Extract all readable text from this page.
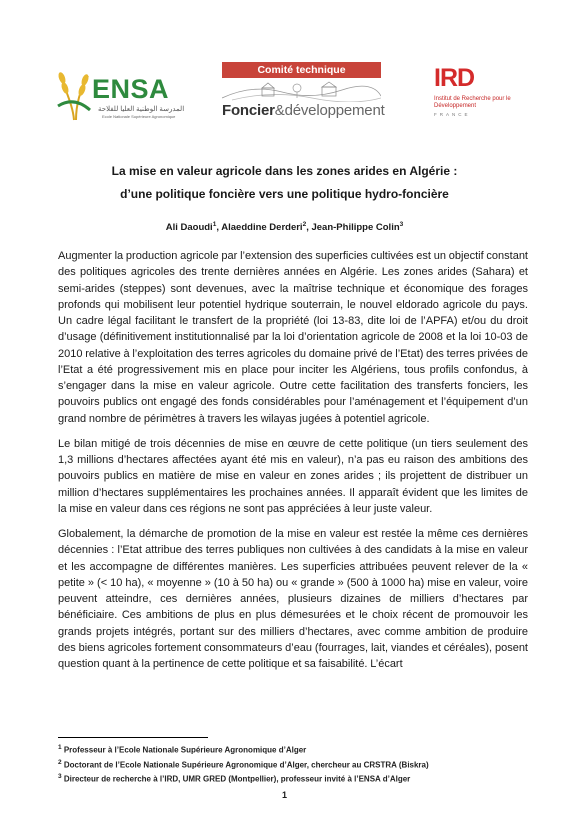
ENSA
المدرسة الوطنية العليا للفلاحة
Ecole Nationale Supérieure Agronomique
Comité technique
Foncier&développement
IRD
Institut de Recherche pour le Développement
FRANCE
La mise en valeur agricole dans les zones arides en Algérie :
d’une politique foncière vers une politique hydro-foncière
Ali Daoudi$^1$, Alaeddine Derderi$^2$, Jean-Philippe Colin$^3$

Augmenter la production agricole par l’extension des superficies cultivées est un objectif constant des politiques agricoles des trente dernières années en Algérie. Les zones arides (Sahara) et semi-arides (steppes) sont devenues, avec la maîtrise technique et économique des forages profonds qui mobilisent leur potentiel hydrique souterrain, le nouvel eldorado agricole du pays. Un cadre légal facilitant le transfert de la propriété (loi 13-83, dite loi de l’APFA) et/ou du droit d’usage (définitivement institutionnalisé par la loi d’orientation agricole de 2008 et la loi 10-03 de 2010 relative à l’exploitation des terres agricoles du domaine privé de l’Etat) des terres privées de l’Etat a été progressivement mis en place pour inciter les Algériens, tous profils confondus, à s’engager dans la mise en valeur agricole. Outre cette facilitation des transferts fonciers, les pouvoirs publics ont engagé des fonds considérables pour l’aménagement et l’équipement d’un grand nombre de périmètres à travers les wilayas jugées à potentiel agricole.

Le bilan mitigé de trois décennies de mise en œuvre de cette politique (un tiers seulement des 1,3 millions d’hectares affectées ayant été mis en valeur), n’a pas eu raison des ambitions des pouvoirs publics en matière de mise en valeur en zones arides ; ils projettent de distribuer un million d’hectares supplémentaires les prochaines années. Il apparaît évident que les limites de la mise en valeur dans ces régions ne sont pas appréciées à leur juste valeur.

Globalement, la démarche de promotion de la mise en valeur est restée la même ces dernières décennies : l’Etat attribue des terres publiques non cultivées à des candidats à la mise en valeur et les accompagne de différentes manières. Les superficies attribuées peuvent relever de la « petite » (< 10 ha), « moyenne » (10 à 50 ha) ou « grande » (500 à 1000 ha) mise en valeur, voire peuvent atteindre, ces dernières années, plusieurs dizaines de milliers d’hectares par bénéficiaire. Ces ambitions de plus en plus démesurées et le choix récent de promouvoir les grands projets intégrés, portant sur des milliers d’hectares, avec comme ambition de produire des biens agricoles fortement consommateurs d’eau (fourrages, lait, viandes et céréales), posent question quant à la pertinence de cette politique et sa faisabilité. L’écart

$^1$ Professeur à l’Ecole Nationale Supérieure Agronomique d’Alger
$^2$ Doctorant de l’Ecole Nationale Supérieure Agronomique d’Alger, chercheur au CRSTRA (Biskra)
$^3$ Directeur de recherche à l’IRD, UMR GRED (Montpellier), professeur invité à l’ENSA d’Alger
1
